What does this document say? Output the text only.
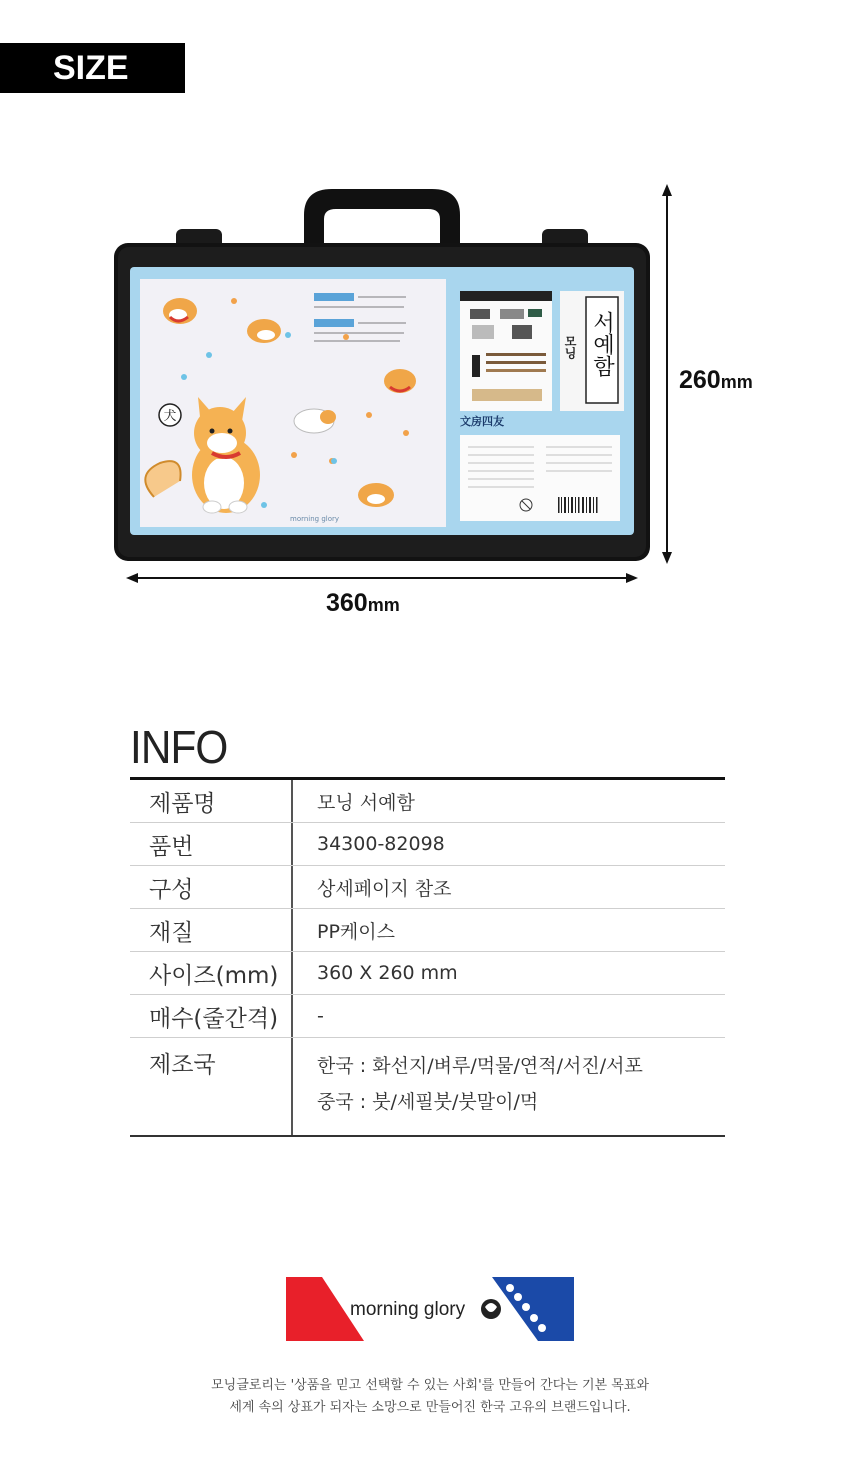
SIZE
犬
morning glory
모닝 서예함
文房四友
260mm
360mm
INFO
제품명	모닝 서예함
품번	34300-82098
구성	상세페이지 참조
재질	PP케이스
사이즈(mm)	360 X 260 mm
매수(줄간격)	-
제조국	한국 : 화선지/벼루/먹물/연적/서진/서포
중국 : 붓/세필붓/붓말이/먹
morning glory
모닝글로리는 '상품을 믿고 선택할 수 있는 사회'를 만들어 간다는 기본 목표와
세계 속의 상표가 되자는 소망으로 만들어진 한국 고유의 브랜드입니다.
